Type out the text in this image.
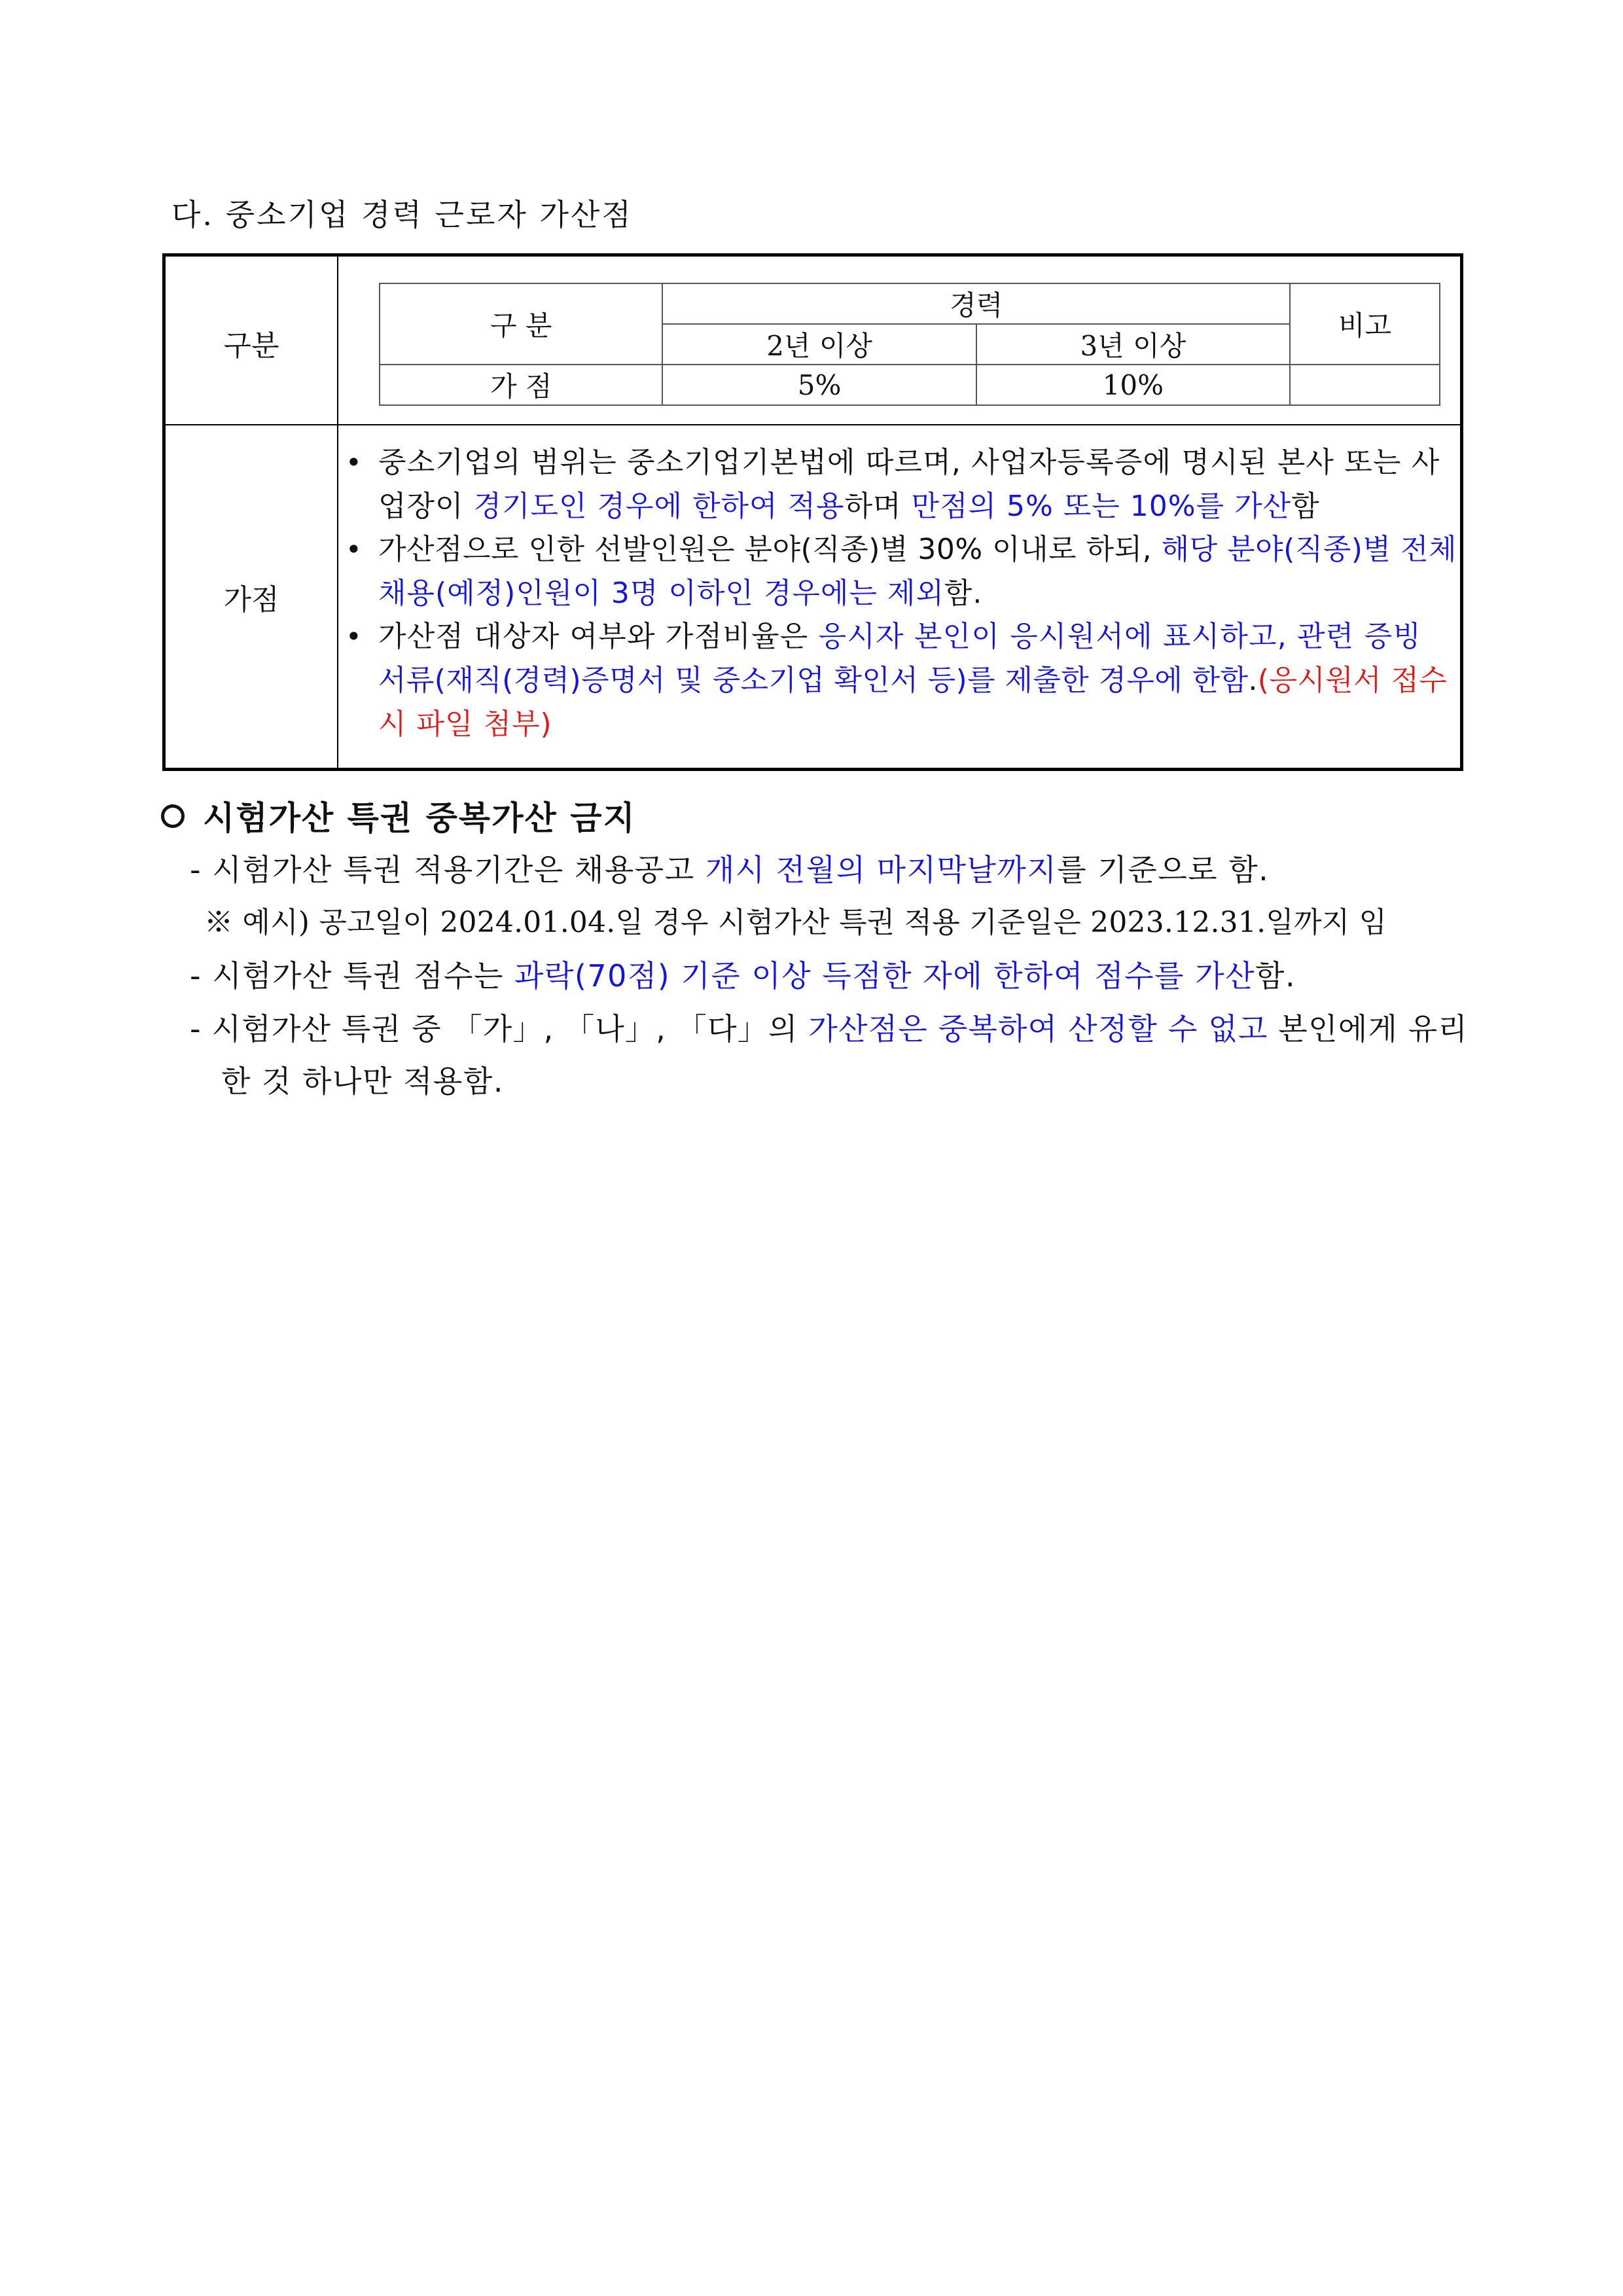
다. 중소기업 경력 근로자 가산점
구분
가점
구 분	경력		비고
	2년 이상	3년 이상	
가 점	5%	10%	
• 중소기업의 범위는 중소기업기본법에 따르며, 사업자등록증에 명시된 본사 또는 사
업장이 경기도인 경우에 한하여 적용하며 만점의 5% 또는 10%를 가산함
• 가산점으로 인한 선발인원은 분야(직종)별 30% 이내로 하되, 해당 분야(직종)별 전체
채용(예정)인원이 3명 이하인 경우에는 제외함.
• 가산점 대상자 여부와 가점비율은 응시자 본인이 응시원서에 표시하고, 관련 증빙
서류(재직(경력)증명서 및 중소기업 확인서 등)를 제출한 경우에 한함.(응시원서 접수
시 파일 첨부)
시험가산 특권 중복가산 금지
- 시험가산 특권 적용기간은 채용공고 개시 전월의 마지막날까지를 기준으로 함.
※ 예시) 공고일이 2024.01.04.일 경우 시험가산 특권 적용 기준일은 2023.12.31.일까지 임
- 시험가산 특권 점수는 과락(70점) 기준 이상 득점한 자에 한하여 점수를 가산함.
- 시험가산 특권 중 「가」, 「나」, 「다」의 가산점은 중복하여 산정할 수 없고 본인에게 유리
한 것 하나만 적용함.
